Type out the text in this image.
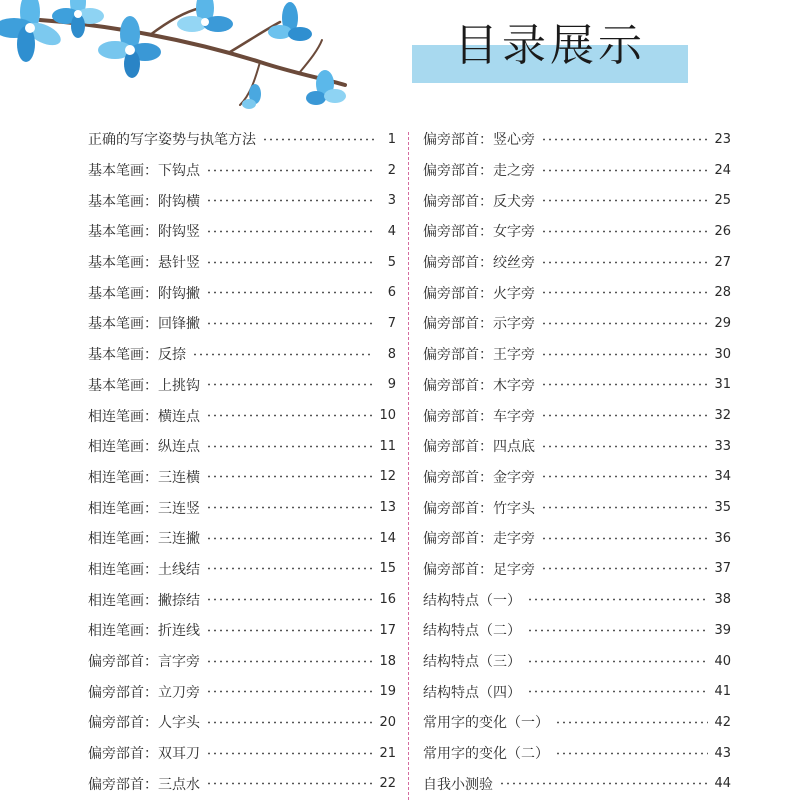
目录展示
正确的写字姿势与执笔方法	1
基本笔画：下钩点	2
基本笔画：附钩横	3
基本笔画：附钩竖	4
基本笔画：悬针竖	5
基本笔画：附钩撇	6
基本笔画：回锋撇	7
基本笔画：反捺	8
基本笔画：上挑钩	9
相连笔画：横连点	10
相连笔画：纵连点	11
相连笔画：三连横	12
相连笔画：三连竖	13
相连笔画：三连撇	14
相连笔画：土线结	15
相连笔画：撇捺结	16
相连笔画：折连线	17
偏旁部首：言字旁	18
偏旁部首：立刀旁	19
偏旁部首：人字头	20
偏旁部首：双耳刀	21
偏旁部首：三点水	22
偏旁部首：竖心旁	23
偏旁部首：走之旁	24
偏旁部首：反犬旁	25
偏旁部首：女字旁	26
偏旁部首：绞丝旁	27
偏旁部首：火字旁	28
偏旁部首：示字旁	29
偏旁部首：王字旁	30
偏旁部首：木字旁	31
偏旁部首：车字旁	32
偏旁部首：四点底	33
偏旁部首：金字旁	34
偏旁部首：竹字头	35
偏旁部首：走字旁	36
偏旁部首：足字旁	37
结构特点（一）	38
结构特点（二）	39
结构特点（三）	40
结构特点（四）	41
常用字的变化（一）	42
常用字的变化（二）	43
自我小测验	44
